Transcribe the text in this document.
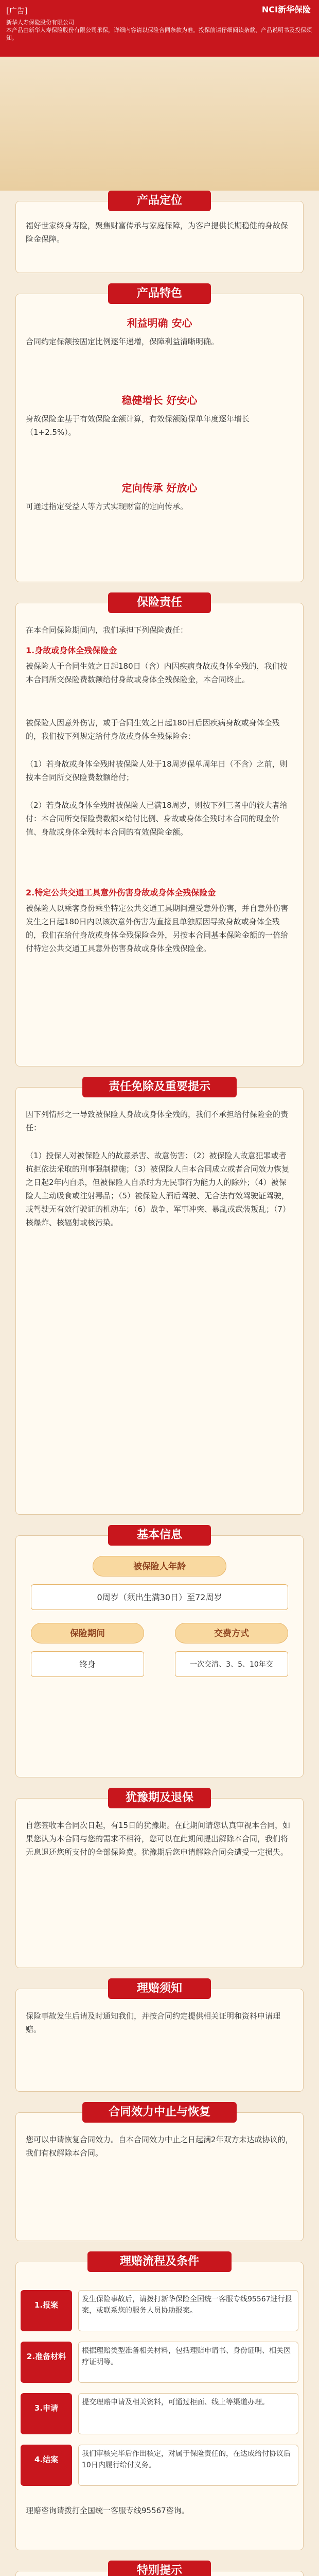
[广告]	NCI新华保险
新华人寿保险股份有限公司
本产品由新华人寿保险股份有限公司承保，详细内容请以保险合同条款为准。投保前请仔细阅读条款、产品说明书及投保须知。
产品定位
福好世家终身寿险，聚焦财富传承与家庭保障，为客户提供长期稳健的身故保险金保障。
产品特色
利益明确 安心
合同约定保额按固定比例逐年递增，保障利益清晰明确。
稳健增长 好安心
身故保险金基于有效保险金额计算，有效保额随保单年度逐年增长（1+2.5%）。
定向传承 好放心
可通过指定受益人等方式实现财富的定向传承。
保险责任
在本合同保险期间内，我们承担下列保险责任：
1.身故或身体全残保险金
被保险人于合同生效之日起180日（含）内因疾病身故或身体全残的，我们按本合同所交保险费数额给付身故或身体全残保险金，本合同终止。
被保险人因意外伤害，或于合同生效之日起180日后因疾病身故或身体全残的，我们按下列规定给付身故或身体全残保险金：
（1）若身故或身体全残时被保险人处于18周岁保单周年日（不含）之前，则按本合同所交保险费数额给付；
（2）若身故或身体全残时被保险人已满18周岁，则按下列三者中的较大者给付：本合同所交保险费数额×给付比例、身故或身体全残时本合同的现金价值、身故或身体全残时本合同的有效保险金额。
2.特定公共交通工具意外伤害身故或身体全残保险金
被保险人以乘客身份乘坐特定公共交通工具期间遭受意外伤害，并自意外伤害发生之日起180日内以该次意外伤害为直接且单独原因导致身故或身体全残的，我们在给付身故或身体全残保险金外，另按本合同基本保险金额的一倍给付特定公共交通工具意外伤害身故或身体全残保险金。
责任免除及重要提示
因下列情形之一导致被保险人身故或身体全残的，我们不承担给付保险金的责任：
（1）投保人对被保险人的故意杀害、故意伤害；（2）被保险人故意犯罪或者抗拒依法采取的刑事强制措施；（3）被保险人自本合同成立或者合同效力恢复之日起2年内自杀，但被保险人自杀时为无民事行为能力人的除外；（4）被保险人主动吸食或注射毒品；（5）被保险人酒后驾驶、无合法有效驾驶证驾驶，或驾驶无有效行驶证的机动车；（6）战争、军事冲突、暴乱或武装叛乱；（7）核爆炸、核辐射或核污染。
基本信息
被保险人年龄
0周岁（须出生满30日）至72周岁
保险期间	交费方式
终身	一次交清、3、5、10年交
犹豫期及退保
自您签收本合同次日起，有15日的犹豫期。在此期间请您认真审视本合同，如果您认为本合同与您的需求不相符，您可以在此期间提出解除本合同，我们将无息退还您所支付的全部保险费。犹豫期后您申请解除合同会遭受一定损失。
理赔须知
保险事故发生后请及时通知我们，并按合同约定提供相关证明和资料申请理赔。
合同效力中止与恢复
您可以申请恢复合同效力。自本合同效力中止之日起满2年双方未达成协议的，我们有权解除本合同。
理赔流程及条件
1.报案
发生保险事故后，请拨打新华保险全国统一客服专线95567进行报案，或联系您的服务人员协助报案。
2.准备材料
根据理赔类型准备相关材料，包括理赔申请书、身份证明、相关医疗证明等。
3.申请
提交理赔申请及相关资料，可通过柜面、线上等渠道办理。
4.结案
我们审核完毕后作出核定，对属于保险责任的，在达成给付协议后10日内履行给付义务。
理赔咨询请拨打全国统一客服专线95567咨询。
特别提示
